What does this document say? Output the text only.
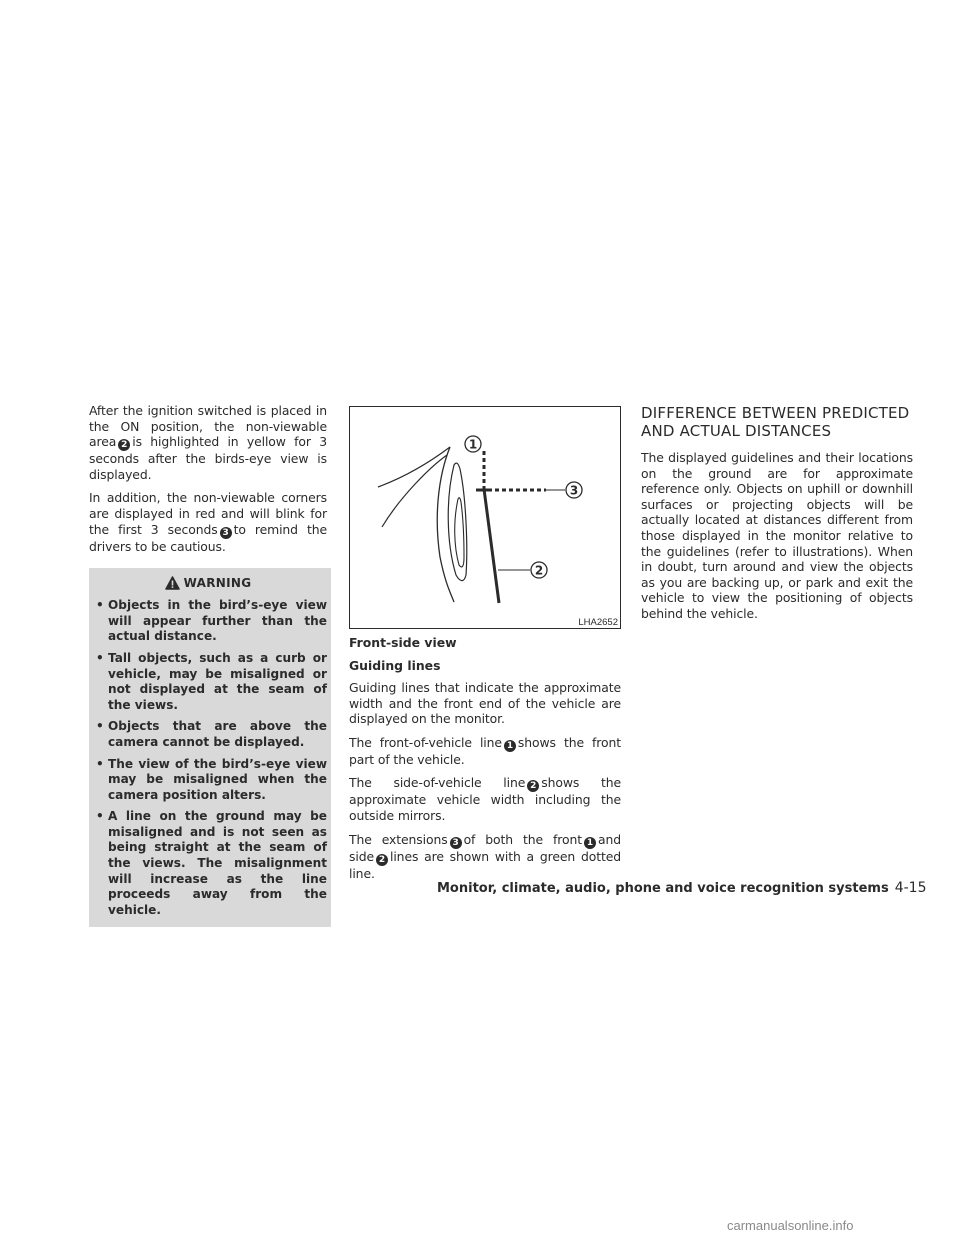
After the ignition switched is placed in the ON position, the non-viewable area 2 is highlighted in yellow for 3 seconds after the birds-eye view is displayed.

In addition, the non-viewable corners are displayed in red and will blink for the first 3 seconds 3 to remind the drivers to be cautious.

WARNING
• Objects in the bird’s-eye view will appear further than the actual distance.
• Tall objects, such as a curb or vehicle, may be misaligned or not displayed at the seam of the views.
• Objects that are above the camera cannot be displayed.
• The view of the bird’s-eye view may be misaligned when the camera position alters.
• A line on the ground may be misaligned and is not seen as being straight at the seam of the views. The misalignment will increase as the line proceeds away from the vehicle.
1
3
2
LHA2652
Front-side view
Guiding lines

Guiding lines that indicate the approximate width and the front end of the vehicle are displayed on the monitor.

The front-of-vehicle line 1 shows the front part of the vehicle.

The side-of-vehicle line 2 shows the approximate vehicle width including the outside mirrors.

The extensions 3 of both the front 1 and side 2 lines are shown with a green dotted line.

DIFFERENCE BETWEEN PREDICTED AND ACTUAL DISTANCES

The displayed guidelines and their locations on the ground are for approximate reference only. Objects on uphill or downhill surfaces or projecting objects will be actually located at distances different from those displayed in the monitor relative to the guidelines (refer to illustrations). When in doubt, turn around and view the objects as you are backing up, or park and exit the vehicle to view the positioning of objects behind the vehicle.

Monitor, climate, audio, phone and voice recognition systems 4-15
carmanualsonline.info
